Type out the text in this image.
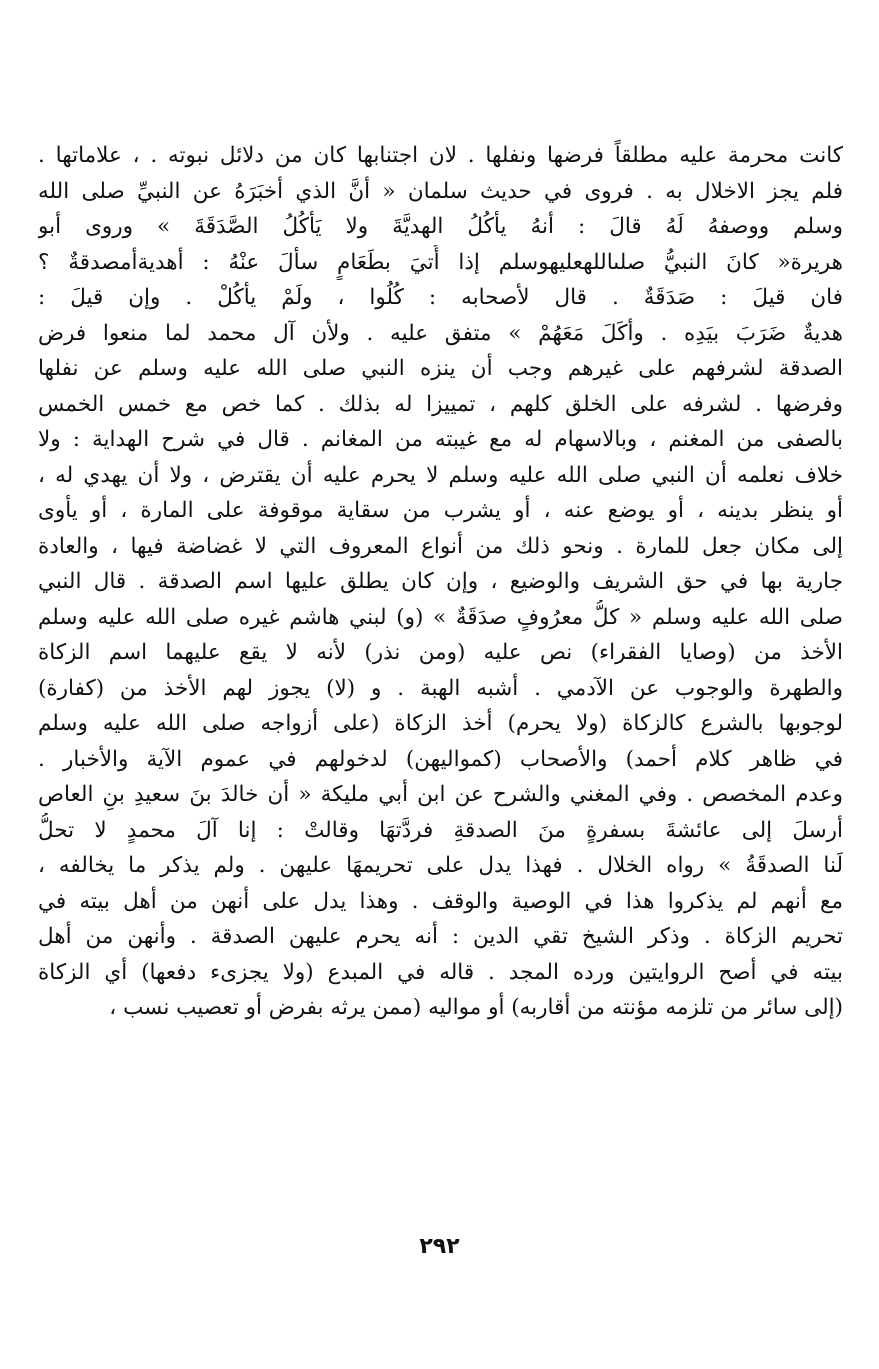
كانت محرمة عليه مطلقاً فرضها ونفلها . لان اجتنابها كان من دلائل نبوته . ، علاماتها .
فلم يجز الاخلال به . فروى في حديث سلمان « أنَّ الذي أخبَرَهُ عن النبيِّ صلى الله
وسلم ووصفهُ لَهُ قالَ : أنهُ يأكُلُ الهديَّةَ ولا يَأكُلُ الصَّدَقَةَ » وروى أبو
هريرة« كانَ النبيُّ صلىاللهعليهوسلم إذا أُتيَ بطَعَامٍ سألَ عنْهُ : أهديةأمصدقةٌ ؟
فان قيلَ : صَدَقَةٌ . قال لأصحابه : كُلُوا ، ولَمْ يأكُلْ . وإن قيلَ :
هديةٌ ضَرَبَ بيَدِه . وأكَلَ مَعَهُمْ » متفق عليه . ولأن آل محمد لما منعوا فرض
الصدقة لشرفهم على غيرهم وجب أن ينزه النبي صلى الله عليه وسلم عن نفلها
وفرضها . لشرفه على الخلق كلهم ، تمييزا له بذلك . كما خص مع خمس الخمس
بالصفى من المغنم ، وبالاسهام له مع غيبته من المغانم . قال في شرح الهداية : ولا
خلاف نعلمه أن النبي صلى الله عليه وسلم لا يحرم عليه أن يقترض ، ولا أن يهدي له ،
أو ينظر بدينه ، أو يوضع عنه ، أو يشرب من سقاية موقوفة على المارة ، أو يأوى
إلى مكان جعل للمارة . ونحو ذلك من أنواع المعروف التي لا غضاضة فيها ، والعادة
جارية بها في حق الشريف والوضيع ، وإن كان يطلق عليها اسم الصدقة . قال النبي
صلى الله عليه وسلم « كلُّ معرُوفٍ صدَقَةٌ » (و) لبني هاشم غيره صلى الله عليه وسلم
الأخذ من (وصايا الفقراء) نص عليه (ومن نذر) لأنه لا يقع عليهما اسم الزكاة
والطهرة والوجوب عن الآدمي . أشبه الهبة . و (لا) يجوز لهم الأخذ من (كفارة)
لوجوبها بالشرع كالزكاة (ولا يحرم) أخذ الزكاة (على أزواجه صلى الله عليه وسلم
في ظاهر كلام أحمد) والأصحاب (كمواليهن) لدخولهم في عموم الآية والأخبار .
وعدم المخصص . وفي المغني والشرح عن ابن أبي مليكة « أن خالدَ بنَ سعيدِ بنِ العاص
أرسلَ إلى عائشةَ بسفرةٍ منَ الصدقةِ فردَّتهَا وقالتْ : إنا آلَ محمدٍ لا تحلُّ
لَنا الصدقَةُ » رواه الخلال . فهذا يدل على تحريمهَا عليهن . ولم يذكر ما يخالفه ،
مع أنهم لم يذكروا هذا في الوصية والوقف . وهذا يدل على أنهن من أهل بيته في
تحريم الزكاة . وذكر الشيخ تقي الدين : أنه يحرم عليهن الصدقة . وأنهن من أهل
بيته في أصح الروايتين ورده المجد . قاله في المبدع (ولا يجزىء دفعها) أي الزكاة
(إلى سائر من تلزمه مؤنته من أقاربه) أو مواليه (ممن يرثه بفرض أو تعصيب نسب ،
٢٩٢
